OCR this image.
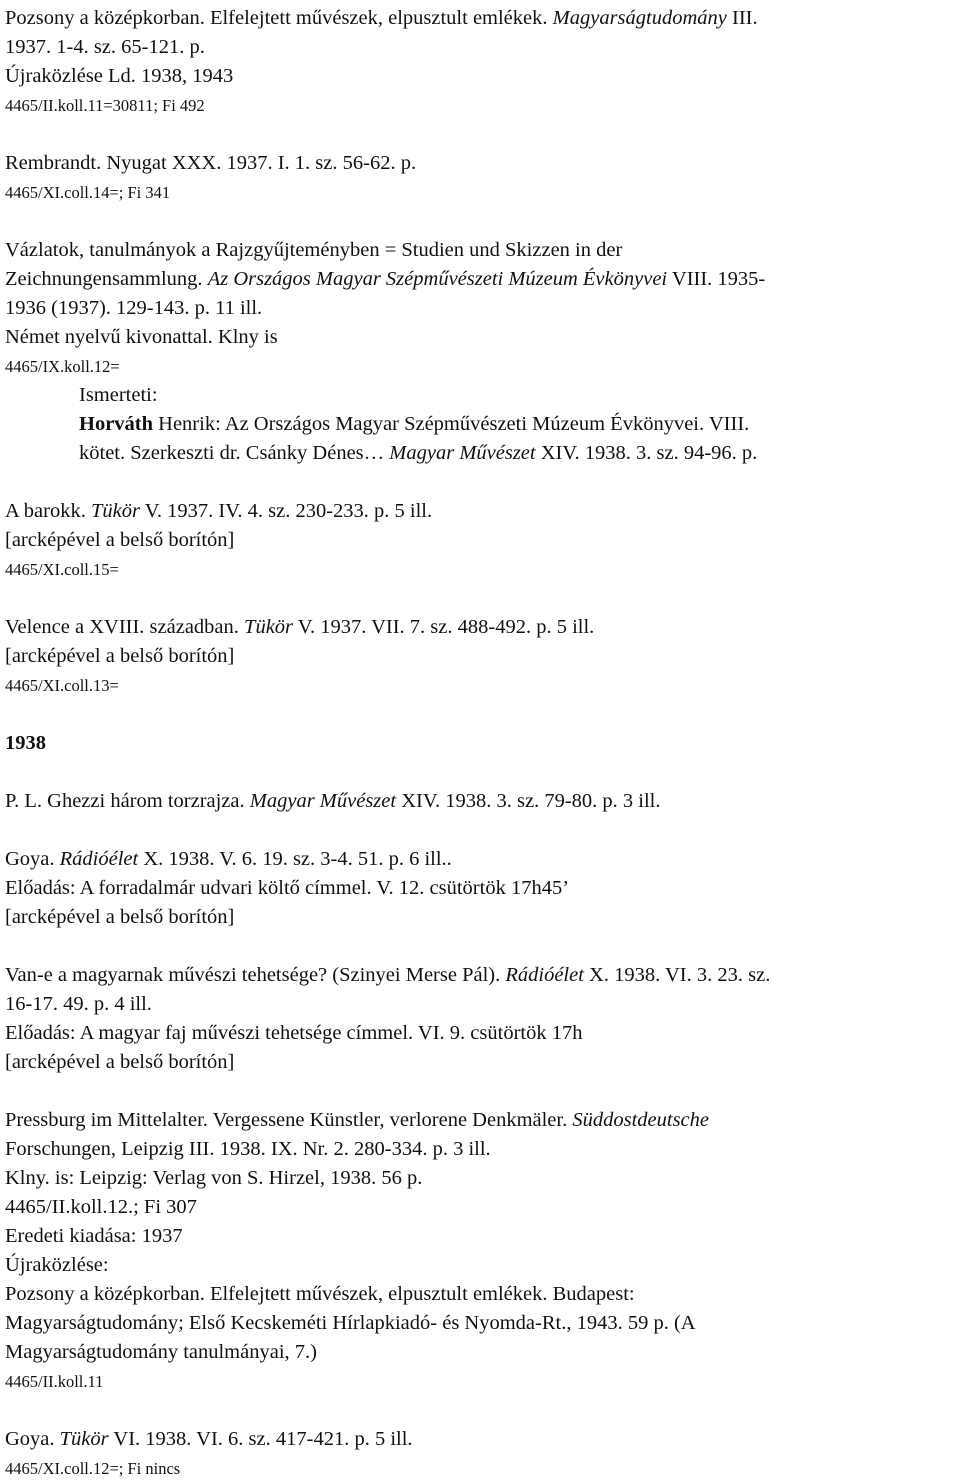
Pozsony a középkorban. Elfelejtett művészek, elpusztult emlékek. Magyarságtudomány III.
1937. 1-4. sz. 65-121. p.
Újraközlése Ld. 1938, 1943
4465/II.koll.11=30811; Fi 492
Rembrandt. Nyugat XXX. 1937. I. 1. sz. 56-62. p.
4465/XI.coll.14=; Fi 341
Vázlatok, tanulmányok a Rajzgyűjteményben = Studien und Skizzen in der
Zeichnungensammlung. Az Országos Magyar Szépművészeti Múzeum Évkönyvei VIII. 1935-
1936 (1937). 129-143. p. 11 ill.
Német nyelvű kivonattal. Klny is
4465/IX.koll.12=
Ismerteti:
Horváth Henrik: Az Országos Magyar Szépművészeti Múzeum Évkönyvei. VIII.
kötet. Szerkeszti dr. Csánky Dénes… Magyar Művészet XIV. 1938. 3. sz. 94-96. p.
A barokk. Tükör V. 1937. IV. 4. sz. 230-233. p. 5 ill.
[arcképével a belső borítón]
4465/XI.coll.15=
Velence a XVIII. században. Tükör V. 1937. VII. 7. sz. 488-492. p. 5 ill.
[arcképével a belső borítón]
4465/XI.coll.13=
1938
P. L. Ghezzi három torzrajza. Magyar Művészet XIV. 1938. 3. sz. 79-80. p. 3 ill.
Goya. Rádióélet X. 1938. V. 6. 19. sz. 3-4. 51. p. 6 ill..
Előadás: A forradalmár udvari költő címmel. V. 12. csütörtök 17h45’
[arcképével a belső borítón]
Van-e a magyarnak művészi tehetsége? (Szinyei Merse Pál). Rádióélet X. 1938. VI. 3. 23. sz.
16-17. 49. p. 4 ill.
Előadás: A magyar faj művészi tehetsége címmel. VI. 9. csütörtök 17h
[arcképével a belső borítón]
Pressburg im Mittelalter. Vergessene Künstler, verlorene Denkmäler. Süddostdeutsche
Forschungen, Leipzig III. 1938. IX. Nr. 2. 280-334. p. 3 ill.
Klny. is: Leipzig: Verlag von S. Hirzel, 1938. 56 p.
4465/II.koll.12.; Fi 307
Eredeti kiadása: 1937
Újraközlése:
Pozsony a középkorban. Elfelejtett művészek, elpusztult emlékek. Budapest:
Magyarságtudomány; Első Kecskeméti Hírlapkiadó- és Nyomda-Rt., 1943. 59 p. (A
Magyarságtudomány tanulmányai, 7.)
4465/II.koll.11
Goya. Tükör VI. 1938. VI. 6. sz. 417-421. p. 5 ill.
4465/XI.coll.12=; Fi nincs
